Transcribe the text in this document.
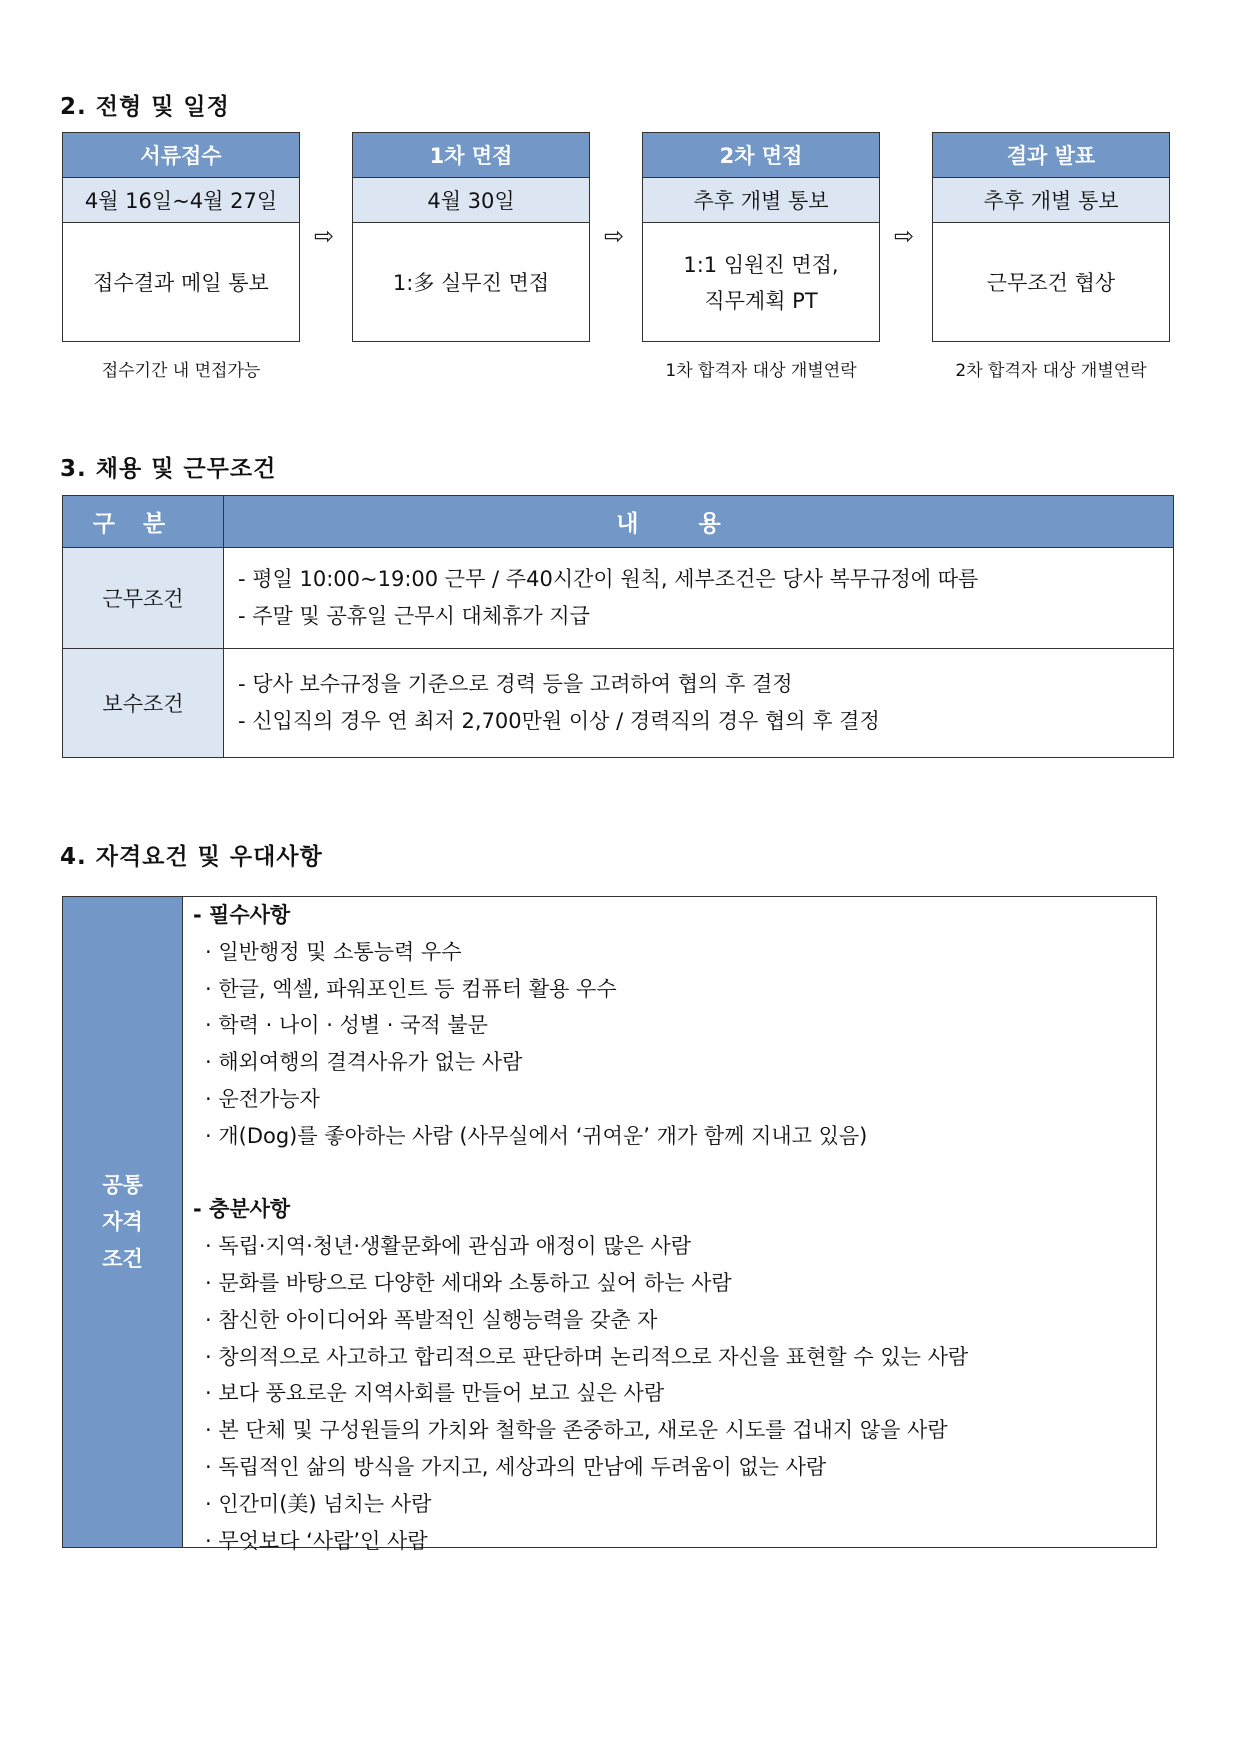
2. 전형 및 일정
서류접수
4월 16일~4월 27일
접수결과 메일 통보
⇨
1차 면접
4월 30일
1:多 실무진 면접
⇨
2차 면접
추후 개별 통보
1:1 임원진 면접,
직무계획 PT
⇨
결과 발표
추후 개별 통보
근무조건 협상
접수기간 내 면접가능	1차 합격자 대상 개별연락	2차 합격자 대상 개별연락
3. 채용 및 근무조건
구분	내용
근무조건
- 평일 10:00~19:00 근무 / 주40시간이 원칙, 세부조건은 당사 복무규정에 따름
- 주말 및 공휴일 근무시 대체휴가 지급
보수조건
- 당사 보수규정을 기준으로 경력 등을 고려하여 협의 후 결정
- 신입직의 경우 연 최저 2,700만원 이상 / 경력직의 경우 협의 후 결정
4. 자격요건 및 우대사항
공통
자격
조건
- 필수사항
· 일반행정 및 소통능력 우수
· 한글, 엑셀, 파워포인트 등 컴퓨터 활용 우수
· 학력 · 나이 · 성별 · 국적 불문
· 해외여행의 결격사유가 없는 사람
· 운전가능자
· 개(Dog)를 좋아하는 사람 (사무실에서 ‘귀여운’ 개가 함께 지내고 있음)
- 충분사항
· 독립·지역·청년·생활문화에 관심과 애정이 많은 사람
· 문화를 바탕으로 다양한 세대와 소통하고 싶어 하는 사람
· 참신한 아이디어와 폭발적인 실행능력을 갖춘 자
· 창의적으로 사고하고 합리적으로 판단하며 논리적으로 자신을 표현할 수 있는 사람
· 보다 풍요로운 지역사회를 만들어 보고 싶은 사람
· 본 단체 및 구성원들의 가치와 철학을 존중하고, 새로운 시도를 겁내지 않을 사람
· 독립적인 삶의 방식을 가지고, 세상과의 만남에 두려움이 없는 사람
· 인간미(美) 넘치는 사람
· 무엇보다 ‘사람’인 사람
